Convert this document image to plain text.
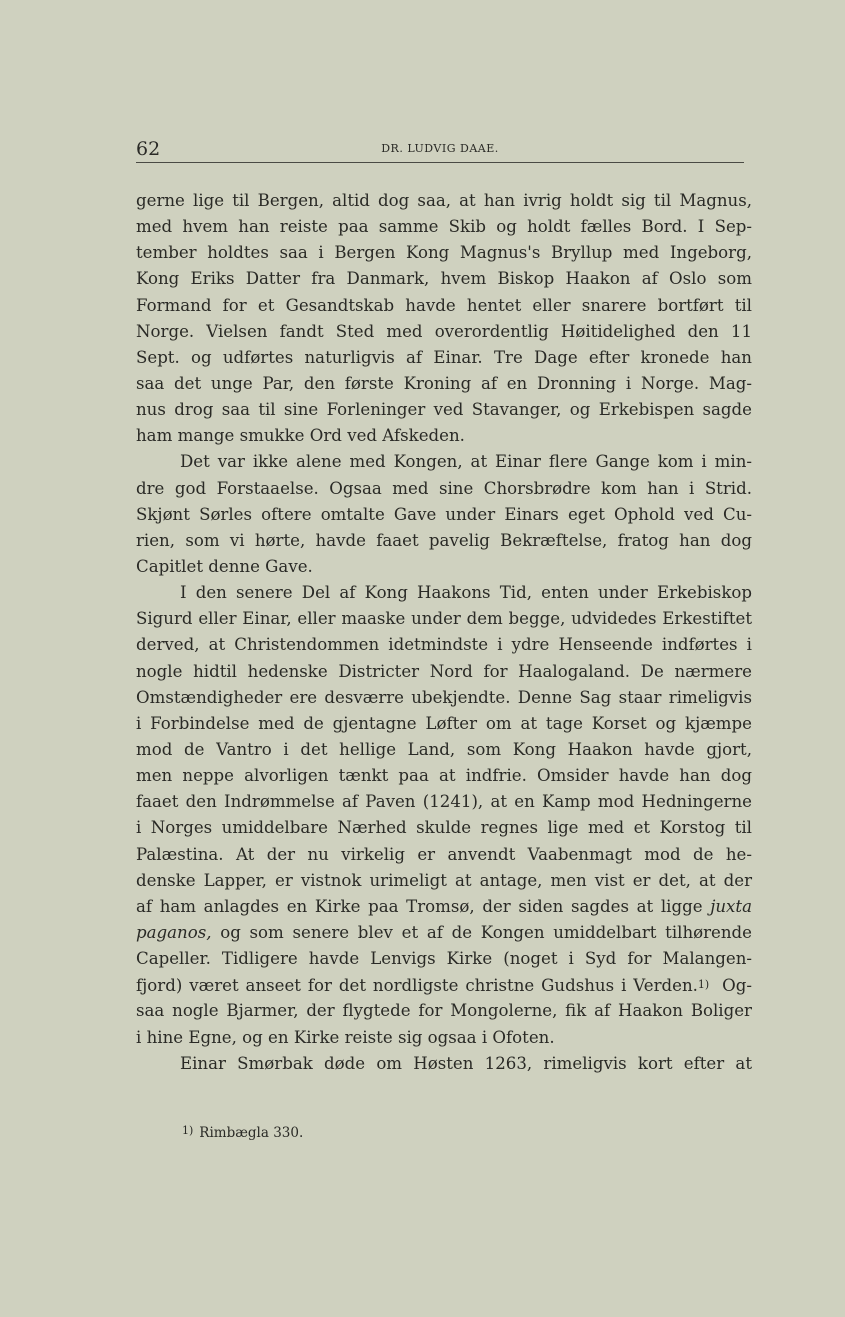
62	DR. LUDVIG DAAE.
gerne lige til Bergen, altid dog saa, at han ivrig holdt sig til Magnus,
med hvem han reiste paa samme Skib og holdt fælles Bord. I Sep-
tember holdtes saa i Bergen Kong Magnus's Bryllup med Ingeborg,
Kong Eriks Datter fra Danmark, hvem Biskop Haakon af Oslo som
Formand for et Gesandtskab havde hentet eller snarere bortført til
Norge. Vielsen fandt Sted med overordentlig Høitidelighed den 11
Sept. og udførtes naturligvis af Einar. Tre Dage efter kronede han
saa det unge Par, den første Kroning af en Dronning i Norge. Mag-
nus drog saa til sine Forleninger ved Stavanger, og Erkebispen sagde
ham mange smukke Ord ved Afskeden.
Det var ikke alene med Kongen, at Einar flere Gange kom i min-
dre god Forstaaelse. Ogsaa med sine Chorsbrødre kom han i Strid.
Skjønt Sørles oftere omtalte Gave under Einars eget Ophold ved Cu-
rien, som vi hørte, havde faaet pavelig Bekræftelse, fratog han dog
Capitlet denne Gave.
I den senere Del af Kong Haakons Tid, enten under Erkebiskop
Sigurd eller Einar, eller maaske under dem begge, udvidedes Erkestiftet
derved, at Christendommen idetmindste i ydre Henseende indførtes i
nogle hidtil hedenske Districter Nord for Haalogaland. De nærmere
Omstændigheder ere desværre ubekjendte. Denne Sag staar rimeligvis
i Forbindelse med de gjentagne Løfter om at tage Korset og kjæmpe
mod de Vantro i det hellige Land, som Kong Haakon havde gjort,
men neppe alvorligen tænkt paa at indfrie. Omsider havde han dog
faaet den Indrømmelse af Paven (1241), at en Kamp mod Hedningerne
i Norges umiddelbare Nærhed skulde regnes lige med et Korstog til
Palæstina. At der nu virkelig er anvendt Vaabenmagt mod de he-
denske Lapper, er vistnok urimeligt at antage, men vist er det, at der
af ham anlagdes en Kirke paa Tromsø, der siden sagdes at ligge juxta
paganos, og som senere blev et af de Kongen umiddelbart tilhørende
Capeller. Tidligere havde Lenvigs Kirke (noget i Syd for Malangen-
fjord) været anseet for det nordligste christne Gudshus i Verden.$^{1)}$ Og-
saa nogle Bjarmer, der flygtede for Mongolerne, fik af Haakon Boliger
i hine Egne, og en Kirke reiste sig ogsaa i Ofoten.
Einar Smørbak døde om Høsten 1263, rimeligvis kort efter at
$^{1)}$ Rimbægla 330.
